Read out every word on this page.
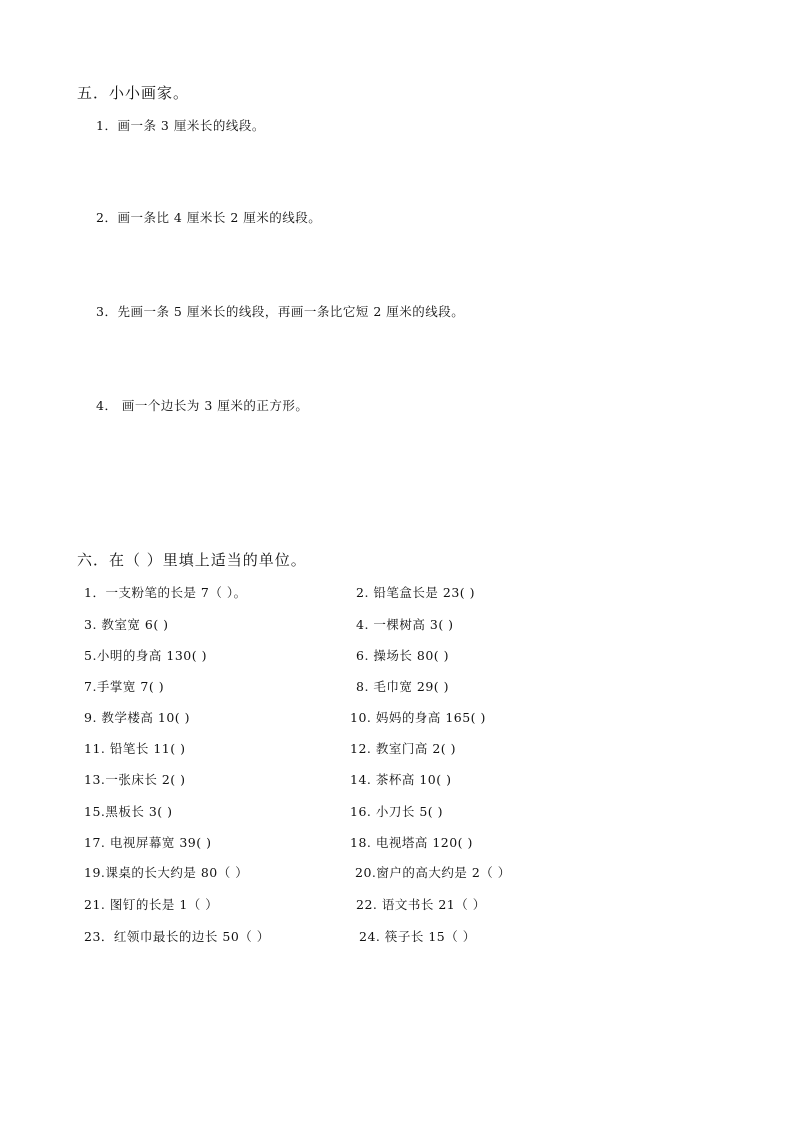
五．小小画家。
1．画一条 3 厘米长的线段。
2．画一条比 4 厘米长 2 厘米的线段。
3．先画一条 5 厘米长的线段，再画一条比它短 2 厘米的线段。
4． 画一个边长为 3 厘米的正方形。
六．在（ ）里填上适当的单位。
1．一支粉笔的长是 7（ ）。
3. 教室宽 6( )
5.小明的身高 130( )
7.手掌宽 7( )
9. 教学楼高 10( )
11. 铅笔长 11( )
13.一张床长 2( )
15.黑板长 3( )
17. 电视屏幕宽 39( )
19.课桌的长大约是 80（ ）
21. 图钉的长是 1（ ）
23．红领巾最长的边长 50（ ）
2. 铅笔盒长是 23( )
4. 一棵树高 3( )
6. 操场长 80( )
8. 毛巾宽 29( )
10. 妈妈的身高 165( )
12. 教室门高 2( )
14. 茶杯高 10( )
16. 小刀长 5( )
18. 电视塔高 120( )
20.窗户的高大约是 2（ ）
22. 语文书长 21（ ）
24. 筷子长 15（ ）
